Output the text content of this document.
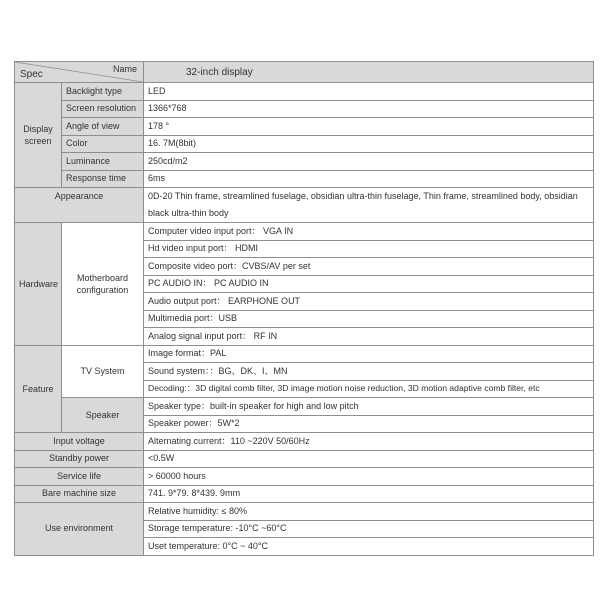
Name
Spec		32-inch display
Display screen	Backlight type	LED
	Screen resolution	1366*768
	Angle of view	178 °
	Color	16. 7M(8bit)
	Luminance	250cd/m2
	Response time	6ms
Appearance		0D-20 Thin frame, streamlined fuselage, obsidian ultra-thin fuselage, Thin frame, streamlined body, obsidian black ultra-thin body
Hardware	Motherboard configuration	Computer video input port： VGA IN
		Hd video input port： HDMI
		Composite video port：CVBS/AV per set
		PC AUDIO IN： PC AUDIO IN
		Audio output port： EARPHONE OUT
		Multimedia port：USB
		Analog signal input port： RF IN
Feature	TV System	Image format：PAL
		Sound system：：BG、DK、I、MN
		Decoding:：3D digital comb filter, 3D image motion noise reduction, 3D motion adaptive comb filter, etc
	Speaker	Speaker type：built-in speaker for high and low pitch
		Speaker power：5W*2
Input voltage		Alternating current：110 ~220V 50/60Hz
Standby power		<0.5W
Service life		> 60000 hours
Bare machine size		741. 9*79. 8*439. 9mm
Use environment		Relative humidity: ≤ 80%
		Storage temperature: -10°C ~60°C
		Uset temperature: 0°C ~ 40°C
